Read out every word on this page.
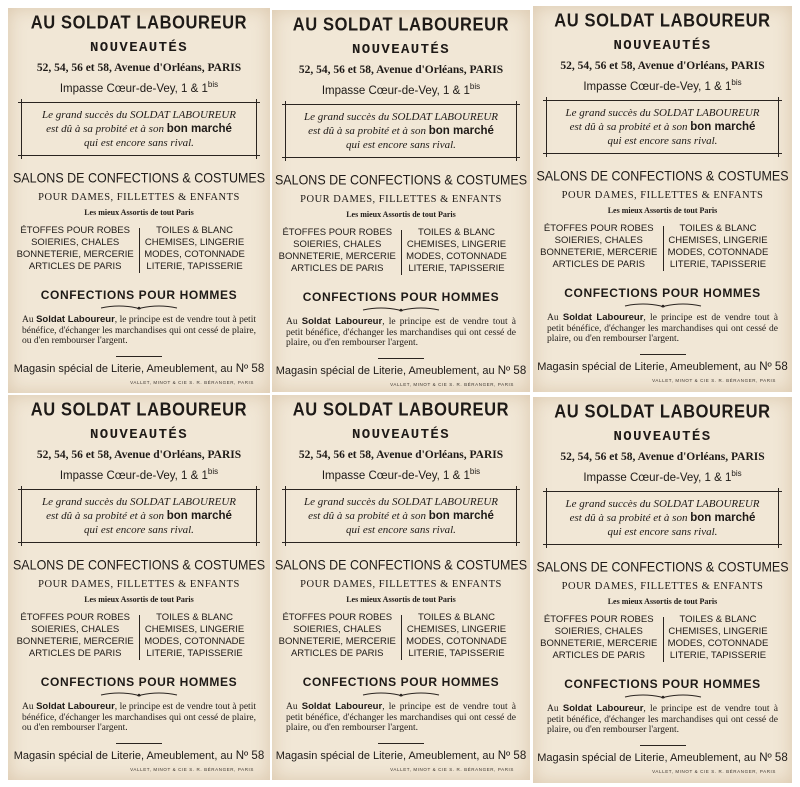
AU SOLDAT LABOUREUR
NOUVEAUTÉS
52, 54, 56 et 58, Avenue d'Orléans, PARIS
Impasse Cœur-de-Vey, 1 & $1^{bis}$
Le grand succès du SOLDAT LABOUREUR
est dû à sa probité et à son bon marché
qui est encore sans rival.
SALONS DE CONFECTIONS & COSTUMES
POUR DAMES, FILLETTES & ENFANTS
Les mieux Assortis de tout Paris
ÉTOFFES POUR ROBES
SOIERIES, CHALES
BONNETERIE, MERCERIE
ARTICLES DE PARIS
TOILES & BLANC
CHEMISES, LINGERIE
MODES, COTONNADE
LITERIE, TAPISSERIE
CONFECTIONS POUR HOMMES
Au Soldat Laboureur, le principe est de vendre tout à petit bénéfice, d'échanger les marchandises qui ont cessé de plaire, ou d'en rembourser l'argent.
Magasin spécial de Literie, Ameublement, au Nº 58
VALLET, MINOT & CIE S. R. BÉRANGER, PARIS
AU SOLDAT LABOUREUR
NOUVEAUTÉS
52, 54, 56 et 58, Avenue d'Orléans, PARIS
Impasse Cœur-de-Vey, 1 & $1^{bis}$
Le grand succès du SOLDAT LABOUREUR
est dû à sa probité et à son bon marché
qui est encore sans rival.
SALONS DE CONFECTIONS & COSTUMES
POUR DAMES, FILLETTES & ENFANTS
Les mieux Assortis de tout Paris
ÉTOFFES POUR ROBES
SOIERIES, CHALES
BONNETERIE, MERCERIE
ARTICLES DE PARIS
TOILES & BLANC
CHEMISES, LINGERIE
MODES, COTONNADE
LITERIE, TAPISSERIE
CONFECTIONS POUR HOMMES
Au Soldat Laboureur, le principe est de vendre tout à petit bénéfice, d'échanger les marchandises qui ont cessé de plaire, ou d'en rembourser l'argent.
Magasin spécial de Literie, Ameublement, au Nº 58
VALLET, MINOT & CIE S. R. BÉRANGER, PARIS
AU SOLDAT LABOUREUR
NOUVEAUTÉS
52, 54, 56 et 58, Avenue d'Orléans, PARIS
Impasse Cœur-de-Vey, 1 & $1^{bis}$
Le grand succès du SOLDAT LABOUREUR
est dû à sa probité et à son bon marché
qui est encore sans rival.
SALONS DE CONFECTIONS & COSTUMES
POUR DAMES, FILLETTES & ENFANTS
Les mieux Assortis de tout Paris
ÉTOFFES POUR ROBES
SOIERIES, CHALES
BONNETERIE, MERCERIE
ARTICLES DE PARIS
TOILES & BLANC
CHEMISES, LINGERIE
MODES, COTONNADE
LITERIE, TAPISSERIE
CONFECTIONS POUR HOMMES
Au Soldat Laboureur, le principe est de vendre tout à petit bénéfice, d'échanger les marchandises qui ont cessé de plaire, ou d'en rembourser l'argent.
Magasin spécial de Literie, Ameublement, au Nº 58
VALLET, MINOT & CIE S. R. BÉRANGER, PARIS
AU SOLDAT LABOUREUR
NOUVEAUTÉS
52, 54, 56 et 58, Avenue d'Orléans, PARIS
Impasse Cœur-de-Vey, 1 & $1^{bis}$
Le grand succès du SOLDAT LABOUREUR
est dû à sa probité et à son bon marché
qui est encore sans rival.
SALONS DE CONFECTIONS & COSTUMES
POUR DAMES, FILLETTES & ENFANTS
Les mieux Assortis de tout Paris
ÉTOFFES POUR ROBES
SOIERIES, CHALES
BONNETERIE, MERCERIE
ARTICLES DE PARIS
TOILES & BLANC
CHEMISES, LINGERIE
MODES, COTONNADE
LITERIE, TAPISSERIE
CONFECTIONS POUR HOMMES
Au Soldat Laboureur, le principe est de vendre tout à petit bénéfice, d'échanger les marchandises qui ont cessé de plaire, ou d'en rembourser l'argent.
Magasin spécial de Literie, Ameublement, au Nº 58
VALLET, MINOT & CIE S. R. BÉRANGER, PARIS
AU SOLDAT LABOUREUR
NOUVEAUTÉS
52, 54, 56 et 58, Avenue d'Orléans, PARIS
Impasse Cœur-de-Vey, 1 & $1^{bis}$
Le grand succès du SOLDAT LABOUREUR
est dû à sa probité et à son bon marché
qui est encore sans rival.
SALONS DE CONFECTIONS & COSTUMES
POUR DAMES, FILLETTES & ENFANTS
Les mieux Assortis de tout Paris
ÉTOFFES POUR ROBES
SOIERIES, CHALES
BONNETERIE, MERCERIE
ARTICLES DE PARIS
TOILES & BLANC
CHEMISES, LINGERIE
MODES, COTONNADE
LITERIE, TAPISSERIE
CONFECTIONS POUR HOMMES
Au Soldat Laboureur, le principe est de vendre tout à petit bénéfice, d'échanger les marchandises qui ont cessé de plaire, ou d'en rembourser l'argent.
Magasin spécial de Literie, Ameublement, au Nº 58
VALLET, MINOT & CIE S. R. BÉRANGER, PARIS
AU SOLDAT LABOUREUR
NOUVEAUTÉS
52, 54, 56 et 58, Avenue d'Orléans, PARIS
Impasse Cœur-de-Vey, 1 & $1^{bis}$
Le grand succès du SOLDAT LABOUREUR
est dû à sa probité et à son bon marché
qui est encore sans rival.
SALONS DE CONFECTIONS & COSTUMES
POUR DAMES, FILLETTES & ENFANTS
Les mieux Assortis de tout Paris
ÉTOFFES POUR ROBES
SOIERIES, CHALES
BONNETERIE, MERCERIE
ARTICLES DE PARIS
TOILES & BLANC
CHEMISES, LINGERIE
MODES, COTONNADE
LITERIE, TAPISSERIE
CONFECTIONS POUR HOMMES
Au Soldat Laboureur, le principe est de vendre tout à petit bénéfice, d'échanger les marchandises qui ont cessé de plaire, ou d'en rembourser l'argent.
Magasin spécial de Literie, Ameublement, au Nº 58
VALLET, MINOT & CIE S. R. BÉRANGER, PARIS
